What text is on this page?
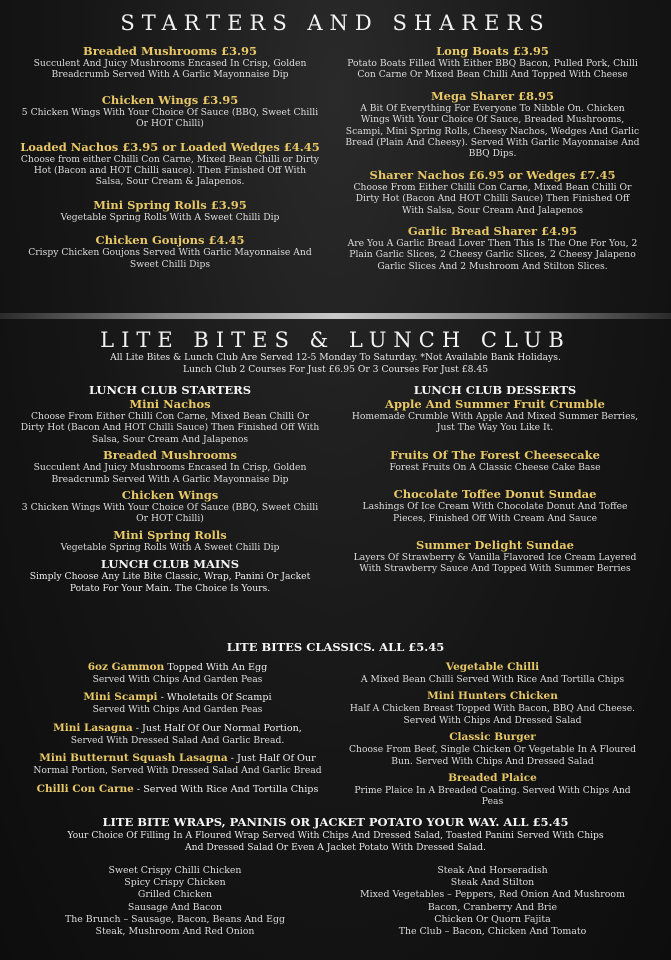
STARTERS AND SHARERS
Breaded Mushrooms £3.95
Succulent And Juicy Mushrooms Encased In Crisp, Golden Breadcrumb Served With A Garlic Mayonnaise Dip
Chicken Wings £3.95
5 Chicken Wings With Your Choice Of Sauce (BBQ, Sweet Chilli Or HOT Chilli)
Loaded Nachos £3.95 or Loaded Wedges £4.45
Choose from either Chilli Con Carne, Mixed Bean Chilli or Dirty Hot (Bacon and HOT Chilli sauce). Then Finished Off With Salsa, Sour Cream & Jalapenos.
Mini Spring Rolls £3.95
Vegetable Spring Rolls With A Sweet Chilli Dip
Chicken Goujons £4.45
Crispy Chicken Goujons Served With Garlic Mayonnaise And Sweet Chilli Dips
Long Boats £3.95
Potato Boats Filled With Either BBQ Bacon, Pulled Pork, Chilli Con Carne Or Mixed Bean Chilli And Topped With Cheese
Mega Sharer £8.95
A Bit Of Everything For Everyone To Nibble On. Chicken Wings With Your Choice Of Sauce, Breaded Mushrooms, Scampi, Mini Spring Rolls, Cheesy Nachos, Wedges And Garlic Bread (Plain And Cheesy). Served With Garlic Mayonnaise And BBQ Dips.
Sharer Nachos £6.95 or Wedges £7.45
Choose From Either Chilli Con Carne, Mixed Bean Chilli Or Dirty Hot (Bacon And HOT Chilli Sauce) Then Finished Off With Salsa, Sour Cream And Jalapenos
Garlic Bread Sharer £4.95
Are You A Garlic Bread Lover Then This Is The One For You, 2 Plain Garlic Slices, 2 Cheesy Garlic Slices, 2 Cheesy Jalapeno Garlic Slices And 2 Mushroom And Stilton Slices.
LITE BITES & LUNCH CLUB
All Lite Bites & Lunch Club Are Served 12-5 Monday To Saturday. *Not Available Bank Holidays.
Lunch Club 2 Courses For Just £6.95 Or 3 Courses For Just £8.45
LUNCH CLUB STARTERS
Mini Nachos
Choose From Either Chilli Con Carne, Mixed Bean Chilli Or Dirty Hot (Bacon And HOT Chilli Sauce) Then Finished Off With Salsa, Sour Cream And Jalapenos
Breaded Mushrooms
Succulent And Juicy Mushrooms Encased In Crisp, Golden Breadcrumb Served With A Garlic Mayonnaise Dip
Chicken Wings
3 Chicken Wings With Your Choice Of Sauce (BBQ, Sweet Chilli Or HOT Chilli)
Mini Spring Rolls
Vegetable Spring Rolls With A Sweet Chilli Dip
LUNCH CLUB MAINS
Simply Choose Any Lite Bite Classic, Wrap, Panini Or Jacket Potato For Your Main. The Choice Is Yours.
LUNCH CLUB DESSERTS
Apple And Summer Fruit Crumble
Homemade Crumble With Apple And Mixed Summer Berries, Just The Way You Like It.
Fruits Of The Forest Cheesecake
Forest Fruits On A Classic Cheese Cake Base
Chocolate Toffee Donut Sundae
Lashings Of Ice Cream With Chocolate Donut And Toffee Pieces, Finished Off With Cream And Sauce
Summer Delight Sundae
Layers Of Strawberry & Vanilla Flavored Ice Cream Layered With Strawberry Sauce And Topped With Summer Berries
LITE BITES CLASSICS. ALL £5.45
6oz Gammon Topped With An Egg
Served With Chips And Garden Peas
Mini Scampi - Wholetails Of Scampi
Served With Chips And Garden Peas
Mini Lasagna - Just Half Of Our Normal Portion,
Served With Dressed Salad And Garlic Bread.
Mini Butternut Squash Lasagna - Just Half Of Our
Normal Portion, Served With Dressed Salad And Garlic Bread
Chilli Con Carne - Served With Rice And Tortilla Chips
Vegetable Chilli
A Mixed Bean Chilli Served With Rice And Tortilla Chips
Mini Hunters Chicken
Half A Chicken Breast Topped With Bacon, BBQ And Cheese. Served With Chips And Dressed Salad
Classic Burger
Choose From Beef, Single Chicken Or Vegetable In A Floured Bun. Served With Chips And Dressed Salad
Breaded Plaice
Prime Plaice In A Breaded Coating. Served With Chips And Peas
LITE BITE WRAPS, PANINIS OR JACKET POTATO YOUR WAY. ALL £5.45
Your Choice Of Filling In A Floured Wrap Served With Chips And Dressed Salad, Toasted Panini Served With Chips And Dressed Salad Or Even A Jacket Potato With Dressed Salad.
Sweet Crispy Chilli Chicken
Spicy Crispy Chicken
Grilled Chicken
Sausage And Bacon
The Brunch – Sausage, Bacon, Beans And Egg
Steak, Mushroom And Red Onion
Steak And Horseradish
Steak And Stilton
Mixed Vegetables – Peppers, Red Onion And Mushroom
Bacon, Cranberry And Brie
Chicken Or Quorn Fajita
The Club – Bacon, Chicken And Tomato
